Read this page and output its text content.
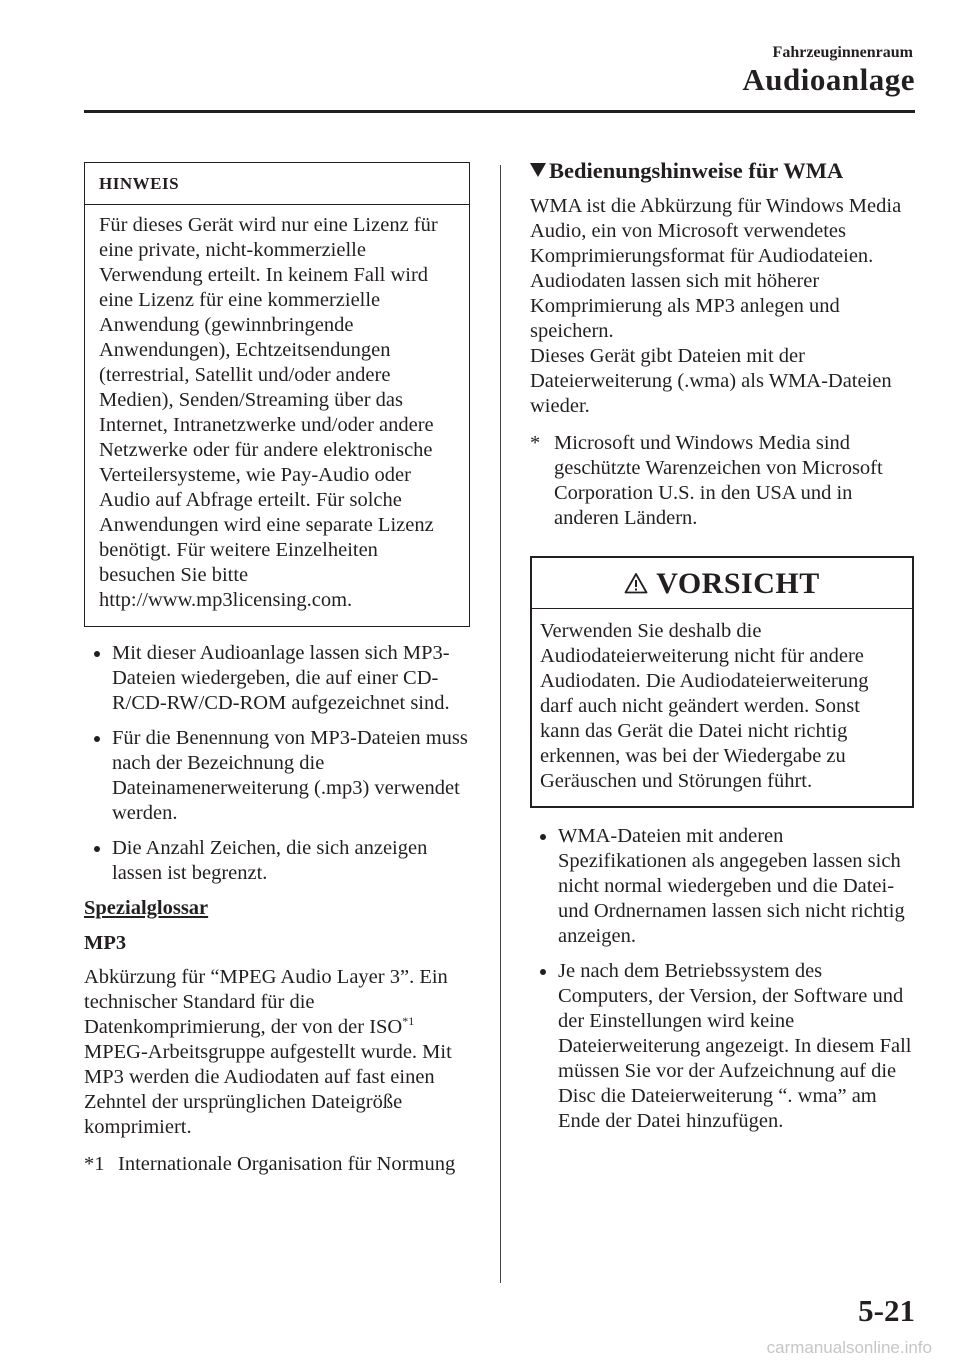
Fahrzeuginnenraum
Audioanlage
HINWEIS
Für dieses Gerät wird nur eine Lizenz für eine private, nicht-kommerzielle Verwendung erteilt. In keinem Fall wird eine Lizenz für eine kommerzielle Anwendung (gewinnbringende Anwendungen), Echtzeitsendungen (terrestrial, Satellit und/oder andere Medien), Senden/Streaming über das Internet, Intranetzwerke und/oder andere Netzwerke oder für andere elektronische Verteilersysteme, wie Pay-Audio oder Audio auf Abfrage erteilt. Für solche Anwendungen wird eine separate Lizenz benötigt. Für weitere Einzelheiten besuchen Sie bitte http://www.mp3licensing.com.
Mit dieser Audioanlage lassen sich MP3-Dateien wiedergeben, die auf einer CD-R/CD-RW/CD-ROM aufgezeichnet sind.
Für die Benennung von MP3-Dateien muss nach der Bezeichnung die Dateinamenerweiterung (.mp3) verwendet werden.
Die Anzahl Zeichen, die sich anzeigen lassen ist begrenzt.
Spezialglossar
MP3
Abkürzung für “MPEG Audio Layer 3”. Ein technischer Standard für die Datenkomprimierung, der von der ISO$^{*1}$ MPEG-Arbeitsgruppe aufgestellt wurde. Mit MP3 werden die Audiodaten auf fast einen Zehntel der ursprünglichen Dateigröße komprimiert.
*1 Internationale Organisation für Normung
Bedienungshinweise für WMA
WMA ist die Abkürzung für Windows Media Audio, ein von Microsoft verwendetes Komprimierungsformat für Audiodateien.
Audiodaten lassen sich mit höherer Komprimierung als MP3 anlegen und speichern.
Dieses Gerät gibt Dateien mit der Dateierweiterung (.wma) als WMA-Dateien wieder.
* Microsoft und Windows Media sind geschützte Warenzeichen von Microsoft Corporation U.S. in den USA und in anderen Ländern.
VORSICHT
Verwenden Sie deshalb die Audiodateierweiterung nicht für andere Audiodaten. Die Audiodateierweiterung darf auch nicht geändert werden. Sonst kann das Gerät die Datei nicht richtig erkennen, was bei der Wiedergabe zu Geräuschen und Störungen führt.
WMA-Dateien mit anderen Spezifikationen als angegeben lassen sich nicht normal wiedergeben und die Datei- und Ordnernamen lassen sich nicht richtig anzeigen.
Je nach dem Betriebssystem des Computers, der Version, der Software und der Einstellungen wird keine Dateierweiterung angezeigt. In diesem Fall müssen Sie vor der Aufzeichnung auf die Disc die Dateierweiterung “. wma” am Ende der Datei hinzufügen.
5-21
carmanualsonline.info
